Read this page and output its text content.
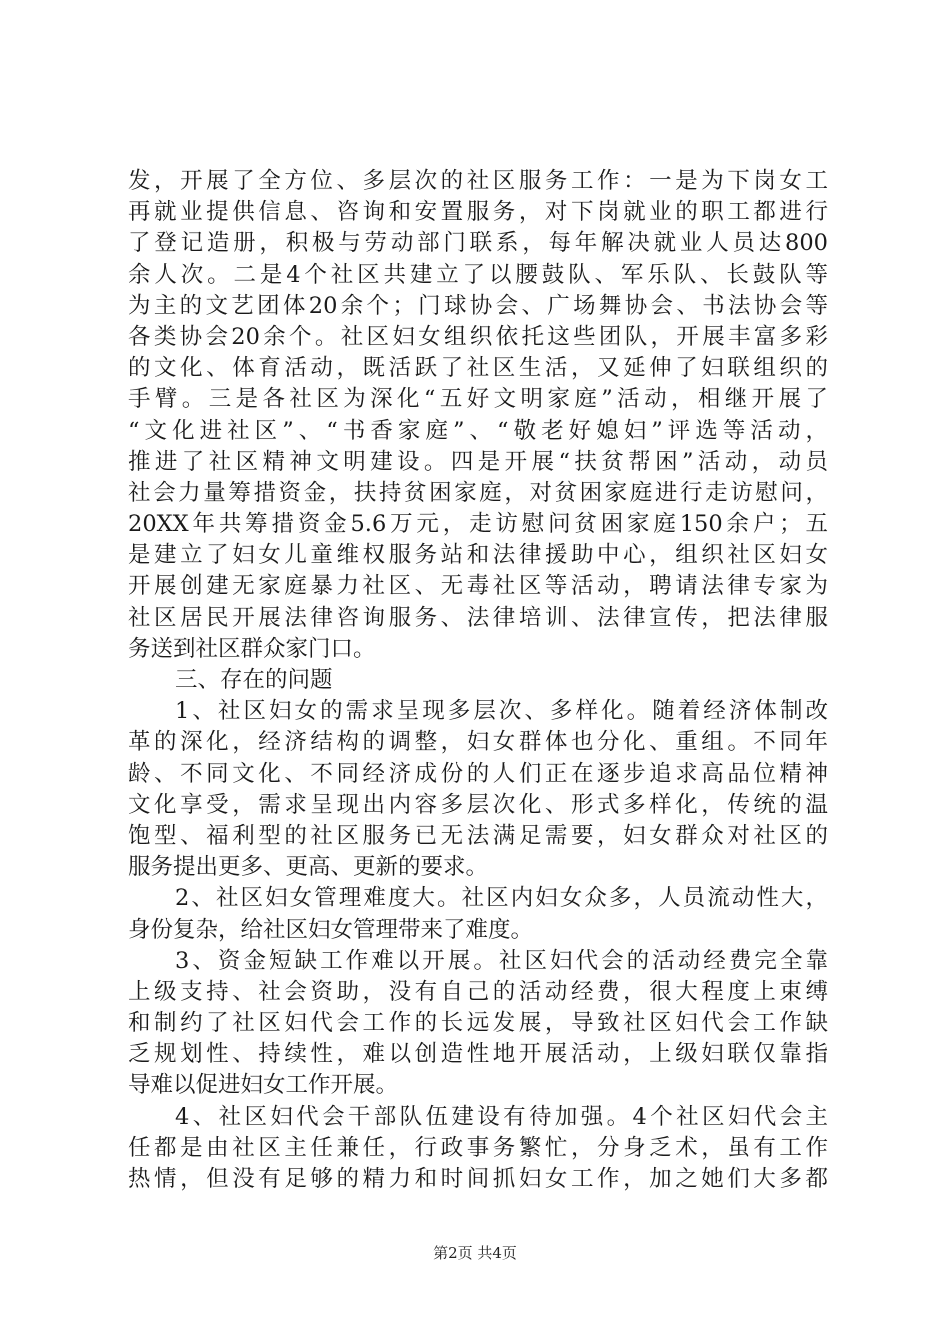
发，开展了全方位、多层次的社区服务工作：一是为下岗女工
再就业提供信息、咨询和安置服务，对下岗就业的职工都进行
了登记造册，积极与劳动部门联系，每年解决就业人员达800
余人次。二是4个社区共建立了以腰鼓队、军乐队、长鼓队等
为主的文艺团体20余个；门球协会、广场舞协会、书法协会等
各类协会20余个。社区妇女组织依托这些团队，开展丰富多彩
的文化、体育活动，既活跃了社区生活，又延伸了妇联组织的
手臂。三是各社区为深化“五好文明家庭”活动，相继开展了
“文化进社区”、“书香家庭”、“敬老好媳妇”评选等活动，
推进了社区精神文明建设。四是开展“扶贫帮困”活动，动员
社会力量筹措资金，扶持贫困家庭，对贫困家庭进行走访慰问，
20XX年共筹措资金5.6万元，走访慰问贫困家庭150余户；五
是建立了妇女儿童维权服务站和法律援助中心，组织社区妇女
开展创建无家庭暴力社区、无毒社区等活动，聘请法律专家为
社区居民开展法律咨询服务、法律培训、法律宣传，把法律服
务送到社区群众家门口。
三、存在的问题
1、社区妇女的需求呈现多层次、多样化。随着经济体制改
革的深化，经济结构的调整，妇女群体也分化、重组。不同年
龄、不同文化、不同经济成份的人们正在逐步追求高品位精神
文化享受，需求呈现出内容多层次化、形式多样化，传统的温
饱型、福利型的社区服务已无法满足需要，妇女群众对社区的
服务提出更多、更高、更新的要求。
2、社区妇女管理难度大。社区内妇女众多，人员流动性大，
身份复杂，给社区妇女管理带来了难度。
3、资金短缺工作难以开展。社区妇代会的活动经费完全靠
上级支持、社会资助，没有自己的活动经费，很大程度上束缚
和制约了社区妇代会工作的长远发展，导致社区妇代会工作缺
乏规划性、持续性，难以创造性地开展活动，上级妇联仅靠指
导难以促进妇女工作开展。
4、社区妇代会干部队伍建设有待加强。4个社区妇代会主
任都是由社区主任兼任，行政事务繁忙，分身乏术，虽有工作
热情，但没有足够的精力和时间抓妇女工作，加之她们大多都
第2页 共4页
